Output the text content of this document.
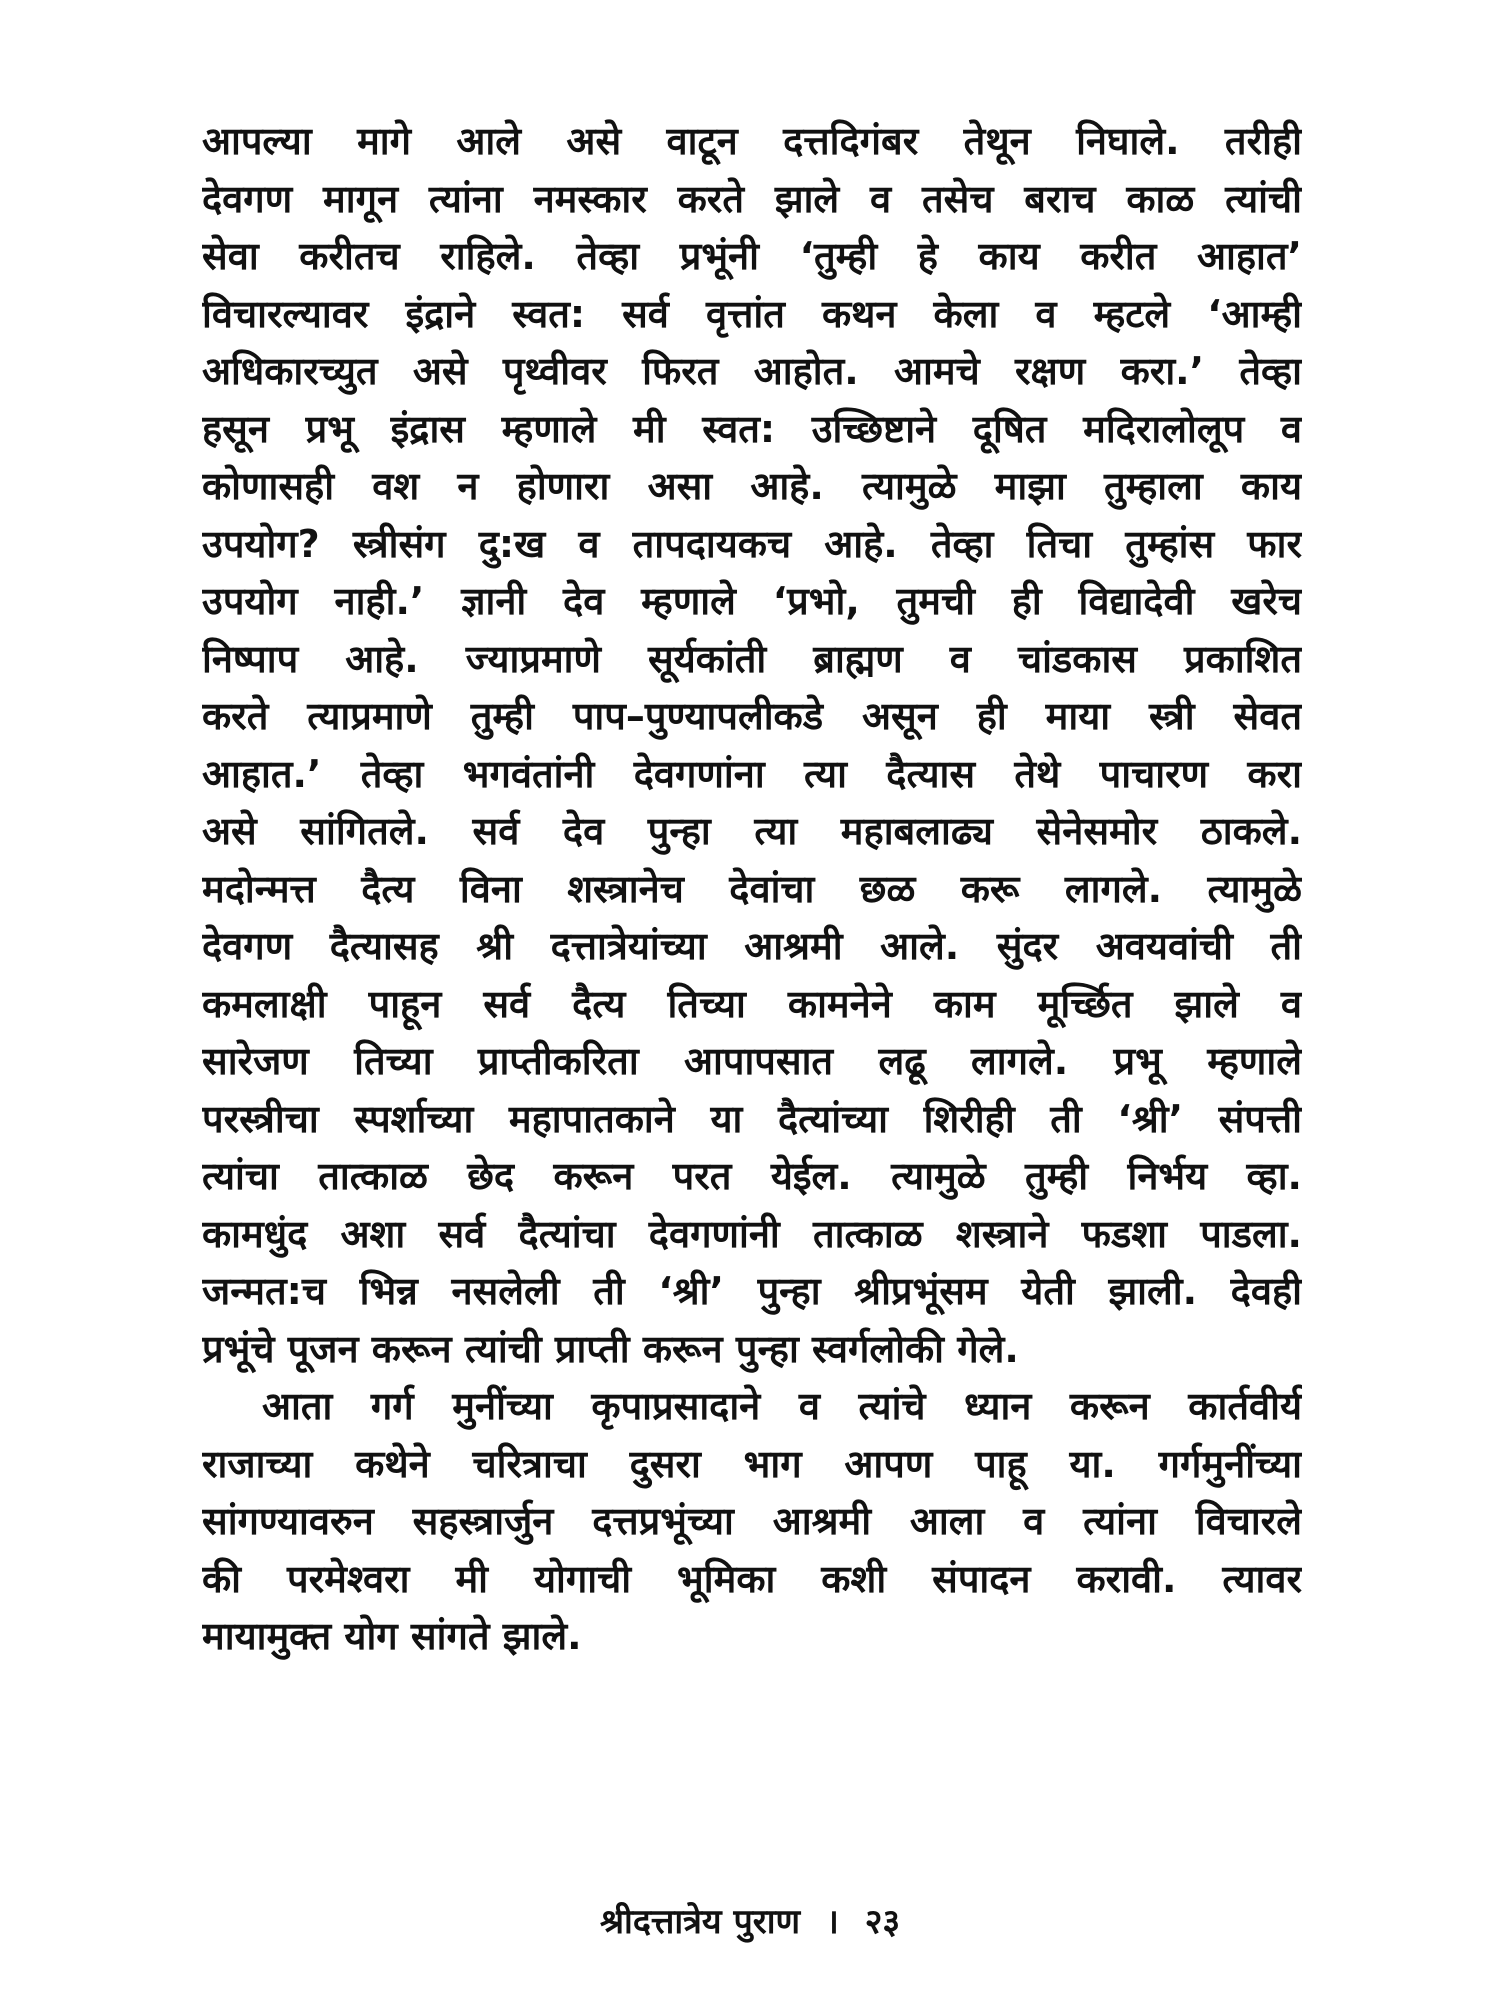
आपल्या मागे आले असे वाटून दत्तदिगंबर तेथून निघाले. तरीही
देवगण मागून त्यांना नमस्कार करते झाले व तसेच बराच काळ त्यांची
सेवा करीतच राहिले. तेव्हा प्रभूंनी ‘तुम्ही हे काय करीत आहात’
विचारल्यावर इंद्राने स्वत: सर्व वृत्तांत कथन केला व म्हटले ‘आम्ही
अधिकारच्युत असे पृथ्वीवर फिरत आहोत. आमचे रक्षण करा.’ तेव्हा
हसून प्रभू इंद्रास म्हणाले मी स्वत: उच्छिष्टाने दूषित मदिरालोलूप व
कोणासही वश न होणारा असा आहे. त्यामुळे माझा तुम्हाला काय
उपयोग? स्त्रीसंग दु:ख व तापदायकच आहे. तेव्हा तिचा तुम्हांस फार
उपयोग नाही.’ ज्ञानी देव म्हणाले ‘प्रभो, तुमची ही विद्यादेवी खरेच
निष्पाप आहे. ज्याप्रमाणे सूर्यकांती ब्राह्मण व चांडकास प्रकाशित
करते त्याप्रमाणे तुम्ही पाप–पुण्यापलीकडे असून ही माया स्त्री सेवत
आहात.’ तेव्हा भगवंतांनी देवगणांना त्या दैत्यास तेथे पाचारण करा
असे सांगितले. सर्व देव पुन्हा त्या महाबलाढ्य सेनेसमोर ठाकले.
मदोन्मत्त दैत्य विना शस्त्रानेच देवांचा छळ करू लागले. त्यामुळे
देवगण दैत्यासह श्री दत्तात्रेयांच्या आश्रमी आले. सुंदर अवयवांची ती
कमलाक्षी पाहून सर्व दैत्य तिच्या कामनेने काम मूर्च्छित झाले व
सारेजण तिच्या प्राप्तीकरिता आपापसात लढू लागले. प्रभू म्हणाले
परस्त्रीचा स्पर्शाच्या महापातकाने या दैत्यांच्या शिरीही ती ‘श्री’ संपत्ती
त्यांचा तात्काळ छेद करून परत येईल. त्यामुळे तुम्ही निर्भय व्हा.
कामधुंद अशा सर्व दैत्यांचा देवगणांनी तात्काळ शस्त्राने फडशा पाडला.
जन्मत:च भिन्न नसलेली ती ‘श्री’ पुन्हा श्रीप्रभूंसम येती झाली. देवही
प्रभूंचे पूजन करून त्यांची प्राप्ती करून पुन्हा स्वर्गलोकी गेले.
आता गर्ग मुनींच्या कृपाप्रसादाने व त्यांचे ध्यान करून कार्तवीर्य
राजाच्या कथेने चरित्राचा दुसरा भाग आपण पाहू या. गर्गमुनींच्या
सांगण्यावरुन सहस्त्रार्जुन दत्तप्रभूंच्या आश्रमी आला व त्यांना विचारले
की परमेश्वरा मी योगाची भूमिका कशी संपादन करावी. त्यावर
मायामुक्त योग सांगते झाले.
श्रीदत्तात्रेय पुराण । २३
